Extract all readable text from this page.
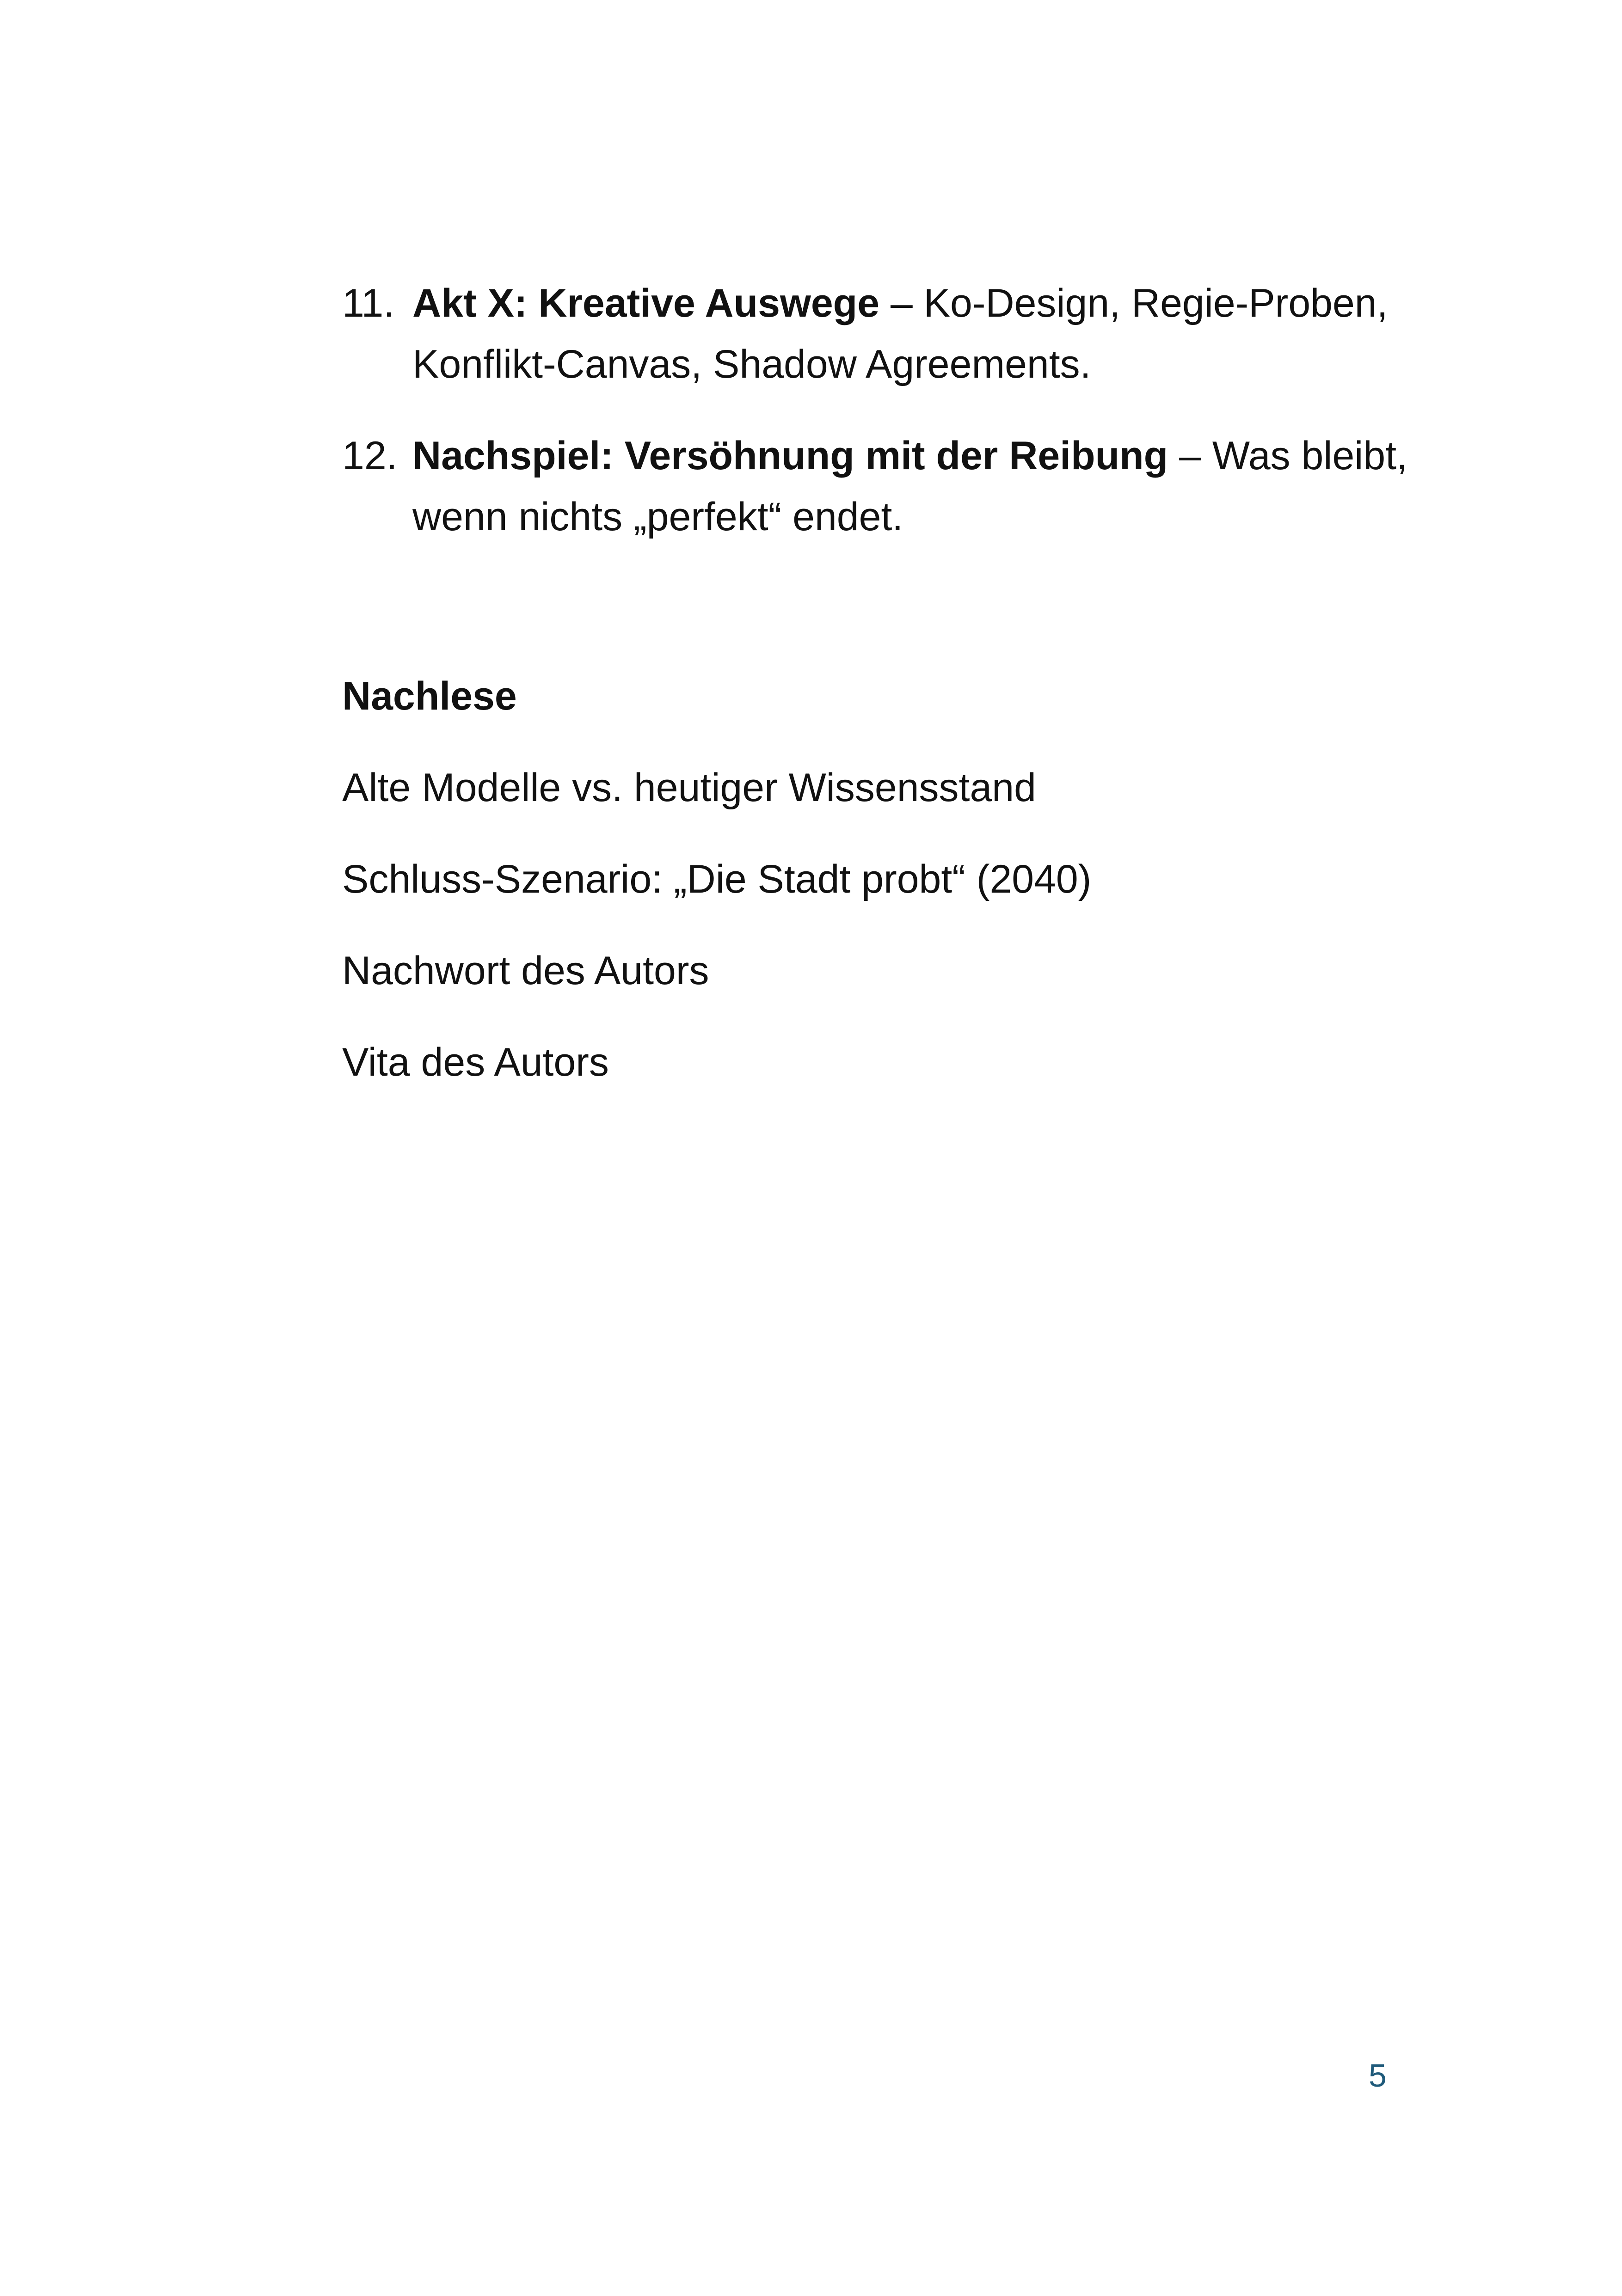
11. Akt X: Kreative Auswege – Ko-Design, Regie-Proben, Konflikt-Canvas, Shadow Agreements.
12. Nachspiel: Versöhnung mit der Reibung – Was bleibt, wenn nichts „perfekt“ endet.

Nachlese

Alte Modelle vs. heutiger Wissensstand

Schluss-Szenario: „Die Stadt probt“ (2040)

Nachwort des Autors

Vita des Autors

5
